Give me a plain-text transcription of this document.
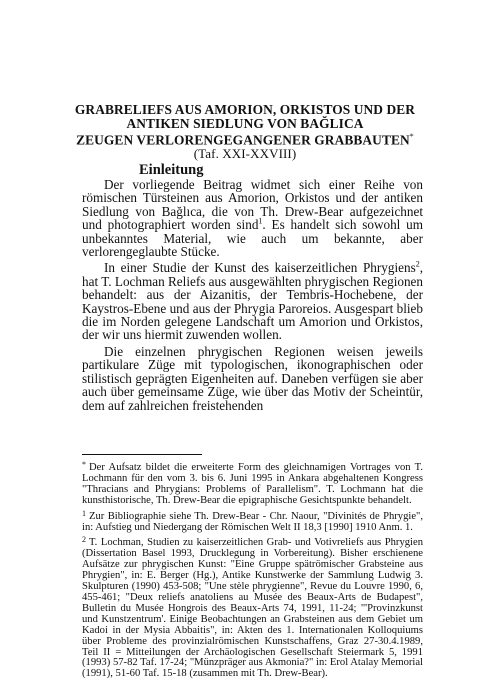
GRABRELIEFS AUS AMORION, ORKISTOS UND DER
ANTIKEN SIEDLUNG VON BAĞLICA
ZEUGEN VERLORENGEGANGENER GRABBAUTEN*
(Taf. XXI-XXVIII)
Einleitung

Der vorliegende Beitrag widmet sich einer Reihe von römischen Türsteinen aus Amorion, Orkistos und der antiken Siedlung von Bağlıca, die von Th. Drew-Bear aufgezeichnet und photographiert worden sind$^1$. Es handelt sich sowohl um unbekanntes Material, wie auch um bekannte, aber verlorengeglaubte Stücke.

In einer Studie der Kunst des kaiserzeitlichen Phrygiens$^2$, hat T. Lochman Reliefs aus ausgewählten phrygischen Regionen behandelt: aus der Aizanitis, der Tembris-Hochebene, der Kaystros-Ebene und aus der Phrygia Paroreios. Ausgespart blieb die im Norden gelegene Landschaft um Amorion und Orkistos, der wir uns hiermit zuwenden wollen.

Die einzelnen phrygischen Regionen weisen jeweils partikulare Züge mit typologischen, ikonographischen oder stilistisch geprägten Eigenheiten auf. Daneben verfügen sie aber auch über gemeinsame Züge, wie über das Motiv der Scheintür, dem auf zahlreichen freistehenden

* Der Aufsatz bildet die erweiterte Form des gleichnamigen Vortrages von T. Lochmann für den vom 3. bis 6. Juni 1995 in Ankara abgehaltenen Kongress "Thracians and Phrygians: Problems of Parallelism". T. Lochmann hat die kunsthistorische, Th. Drew-Bear die epigraphische Gesichtspunkte behandelt.

$^1$ Zur Bibliographie siehe Th. Drew-Bear - Chr. Naour, "Divinités de Phrygie", in: Aufstieg und Niedergang der Römischen Welt II 18,3 [1990] 1910 Anm. 1.

$^2$ T. Lochman, Studien zu kaiserzeitlichen Grab- und Votivreliefs aus Phrygien (Dissertation Basel 1993, Drucklegung in Vorbereitung). Bisher erschienene Aufsätze zur phrygischen Kunst: "Eine Gruppe spätrömischer Grabsteine aus Phrygien", in: E. Berger (Hg.), Antike Kunstwerke der Sammlung Ludwig 3. Skulpturen (1990) 453-508; "Une stèle phrygienne", Revue du Louvre 1990, 6, 455-461; "Deux reliefs anatoliens au Musée des Beaux-Arts de Budapest", Bulletin du Musée Hongrois des Beaux-Arts 74, 1991, 11-24; "'Provinzkunst und Kunstzentrum'. Einige Beobachtungen an Grabsteinen aus dem Gebiet um Kadoi in der Mysia Abbaitis", in: Akten des 1. Internationalen Kolloquiums über Probleme des provinzialrömischen Kunstschaffens, Graz 27-30.4.1989, Teil II = Mitteilungen der Archäologischen Gesellschaft Steiermark 5, 1991 (1993) 57-82 Taf. 17-24; "Münzpräger aus Akmonia?" in: Erol Atalay Memorial (1991), 51-60 Taf. 15-18 (zusammen mit Th. Drew-Bear).
